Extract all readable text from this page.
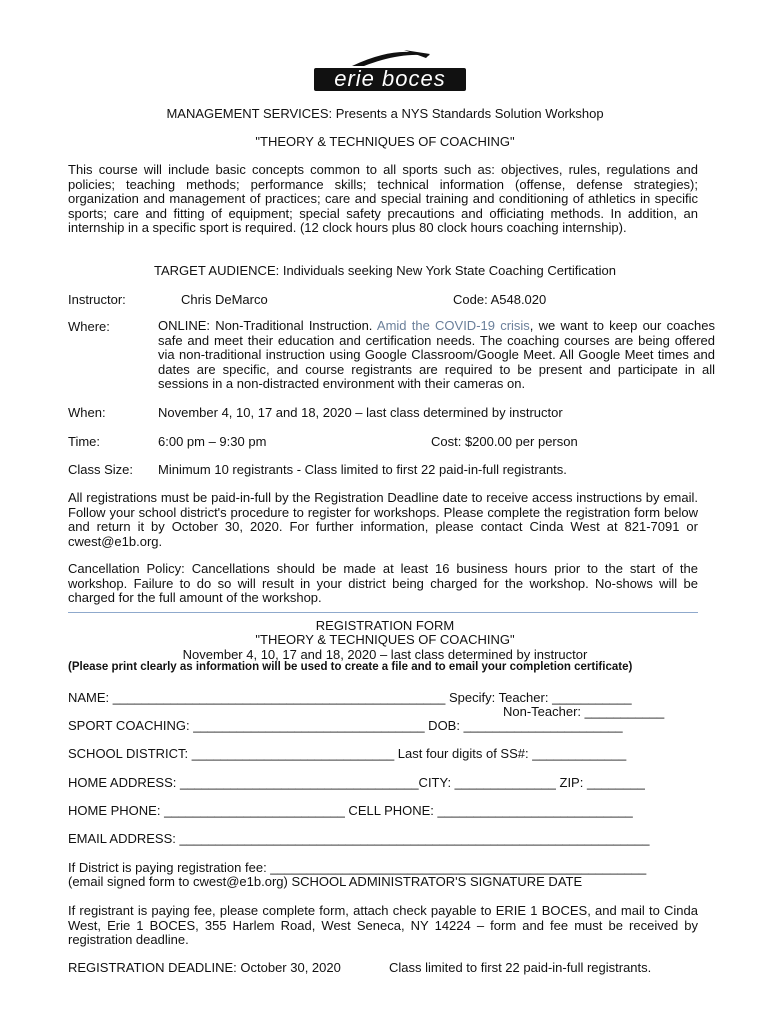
erie boces
MANAGEMENT SERVICES: Presents a NYS Standards Solution Workshop
"THEORY & TECHNIQUES OF COACHING"
This course will include basic concepts common to all sports such as: objectives, rules, regulations and policies; teaching methods; performance skills; technical information (offense, defense strategies); organization and management of practices; care and special training and conditioning of athletics in specific sports; care and fitting of equipment; special safety precautions and officiating methods. In addition, an internship in a specific sport is required. (12 clock hours plus 80 clock hours coaching internship).
TARGET AUDIENCE: Individuals seeking New York State Coaching Certification
Instructor:	Chris DeMarco	Code: A548.020
Where:	ONLINE: Non-Traditional Instruction. Amid the COVID-19 crisis, we want to keep our coaches safe and meet their education and certification needs. The coaching courses are being offered via non-traditional instruction using Google Classroom/Google Meet. All Google Meet times and dates are specific, and course registrants are required to be present and participate in all sessions in a non-distracted environment with their cameras on.
When:	November 4, 10, 17 and 18, 2020 – last class determined by instructor
Time:	6:00 pm – 9:30 pm	Cost: $200.00 per person
Class Size: Minimum 10 registrants - Class limited to first 22 paid-in-full registrants.
All registrations must be paid-in-full by the Registration Deadline date to receive access instructions by email. Follow your school district's procedure to register for workshops. Please complete the registration form below and return it by October 30, 2020. For further information, please contact Cinda West at 821-7091 or cwest@e1b.org.
Cancellation Policy: Cancellations should be made at least 16 business hours prior to the start of the workshop. Failure to do so will result in your district being charged for the workshop. No-shows will be charged for the full amount of the workshop.
REGISTRATION FORM
"THEORY & TECHNIQUES OF COACHING"
November 4, 10, 17 and 18, 2020 – last class determined by instructor
(Please print clearly as information will be used to create a file and to email your completion certificate)
NAME: ______________________________________________ Specify: Teacher: ___________
Non-Teacher: ___________
SPORT COACHING: ________________________________ DOB: ______________________
SCHOOL DISTRICT: ____________________________ Last four digits of SS#: _____________
HOME ADDRESS: _________________________________CITY: ______________ ZIP: ________
HOME PHONE: _________________________ CELL PHONE: ___________________________
EMAIL ADDRESS: _________________________________________________________________
If District is paying registration fee: ____________________________________________________
(email signed form to cwest@e1b.org) SCHOOL ADMINISTRATOR'S SIGNATURE DATE
If registrant is paying fee, please complete form, attach check payable to ERIE 1 BOCES, and mail to Cinda West, Erie 1 BOCES, 355 Harlem Road, West Seneca, NY 14224 – form and fee must be received by registration deadline.
REGISTRATION DEADLINE: October 30, 2020	Class limited to first 22 paid-in-full registrants.
